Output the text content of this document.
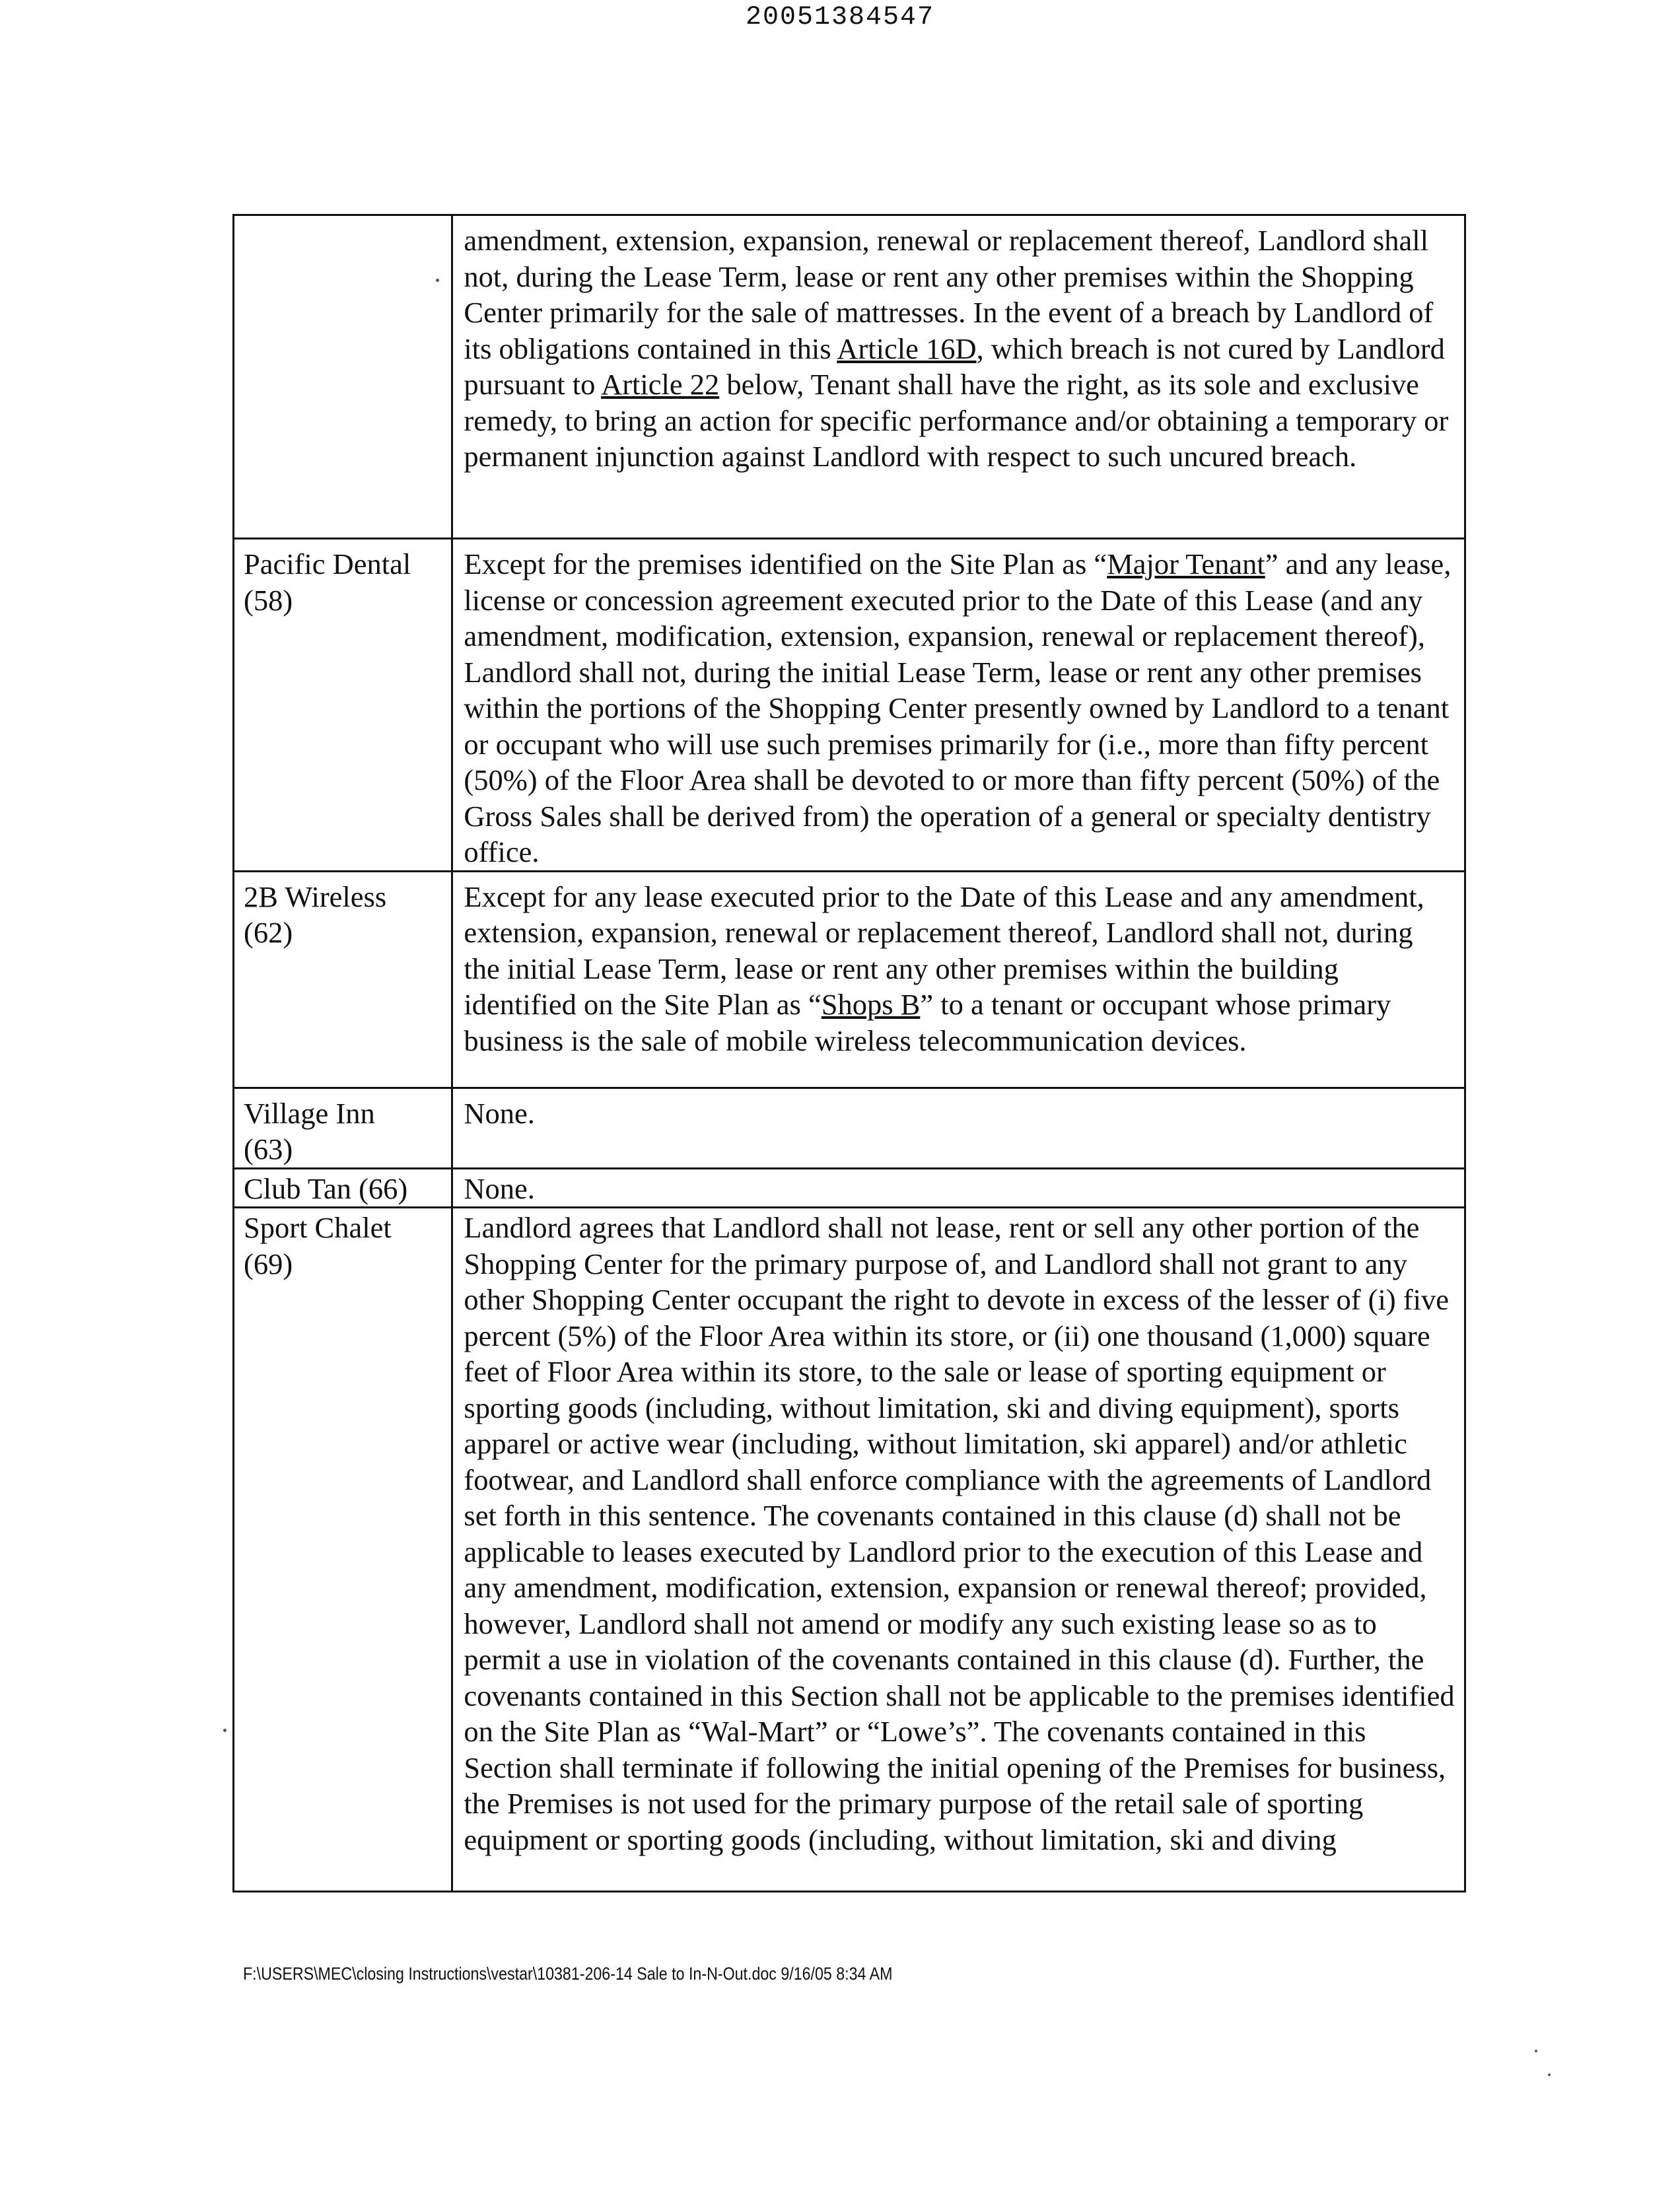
20051384547

	amendment, extension, expansion, renewal or replacement thereof, Landlord shall not, during the Lease Term, lease or rent any other premises within the Shopping Center primarily for the sale of mattresses. In the event of a breach by Landlord of its obligations contained in this Article 16D, which breach is not cured by Landlord pursuant to Article 22 below, Tenant shall have the right, as its sole and exclusive remedy, to bring an action for specific performance and/or obtaining a temporary or permanent injunction against Landlord with respect to such uncured breach.

Pacific Dental
(58)	Except for the premises identified on the Site Plan as “Major Tenant” and any lease, license or concession agreement executed prior to the Date of this Lease (and any amendment, modification, extension, expansion, renewal or replacement thereof), Landlord shall not, during the initial Lease Term, lease or rent any other premises within the portions of the Shopping Center presently owned by Landlord to a tenant or occupant who will use such premises primarily for (i.e., more than fifty percent (50%) of the Floor Area shall be devoted to or more than fifty percent (50%) of the Gross Sales shall be derived from) the operation of a general or specialty dentistry office.

2B Wireless
(62)	Except for any lease executed prior to the Date of this Lease and any amendment, extension, expansion, renewal or replacement thereof, Landlord shall not, during the initial Lease Term, lease or rent any other premises within the building identified on the Site Plan as “Shops B” to a tenant or occupant whose primary business is the sale of mobile wireless telecommunication devices.

Village Inn
(63)	None.

Club Tan (66)	None.

Sport Chalet
(69)	Landlord agrees that Landlord shall not lease, rent or sell any other portion of the Shopping Center for the primary purpose of, and Landlord shall not grant to any other Shopping Center occupant the right to devote in excess of the lesser of (i) five percent (5%) of the Floor Area within its store, or (ii) one thousand (1,000) square feet of Floor Area within its store, to the sale or lease of sporting equipment or sporting goods (including, without limitation, ski and diving equipment), sports apparel or active wear (including, without limitation, ski apparel) and/or athletic footwear, and Landlord shall enforce compliance with the agreements of Landlord set forth in this sentence. The covenants contained in this clause (d) shall not be applicable to leases executed by Landlord prior to the execution of this Lease and any amendment, modification, extension, expansion or renewal thereof; provided, however, Landlord shall not amend or modify any such existing lease so as to permit a use in violation of the covenants contained in this clause (d). Further, the covenants contained in this Section shall not be applicable to the premises identified on the Site Plan as “Wal-Mart” or “Lowe’s”. The covenants contained in this Section shall terminate if following the initial opening of the Premises for business, the Premises is not used for the primary purpose of the retail sale of sporting equipment or sporting goods (including, without limitation, ski and diving
F:\USERS\MEC\closing Instructions\vestar\10381-206-14 Sale to In-N-Out.doc 9/16/05 8:34 AM
